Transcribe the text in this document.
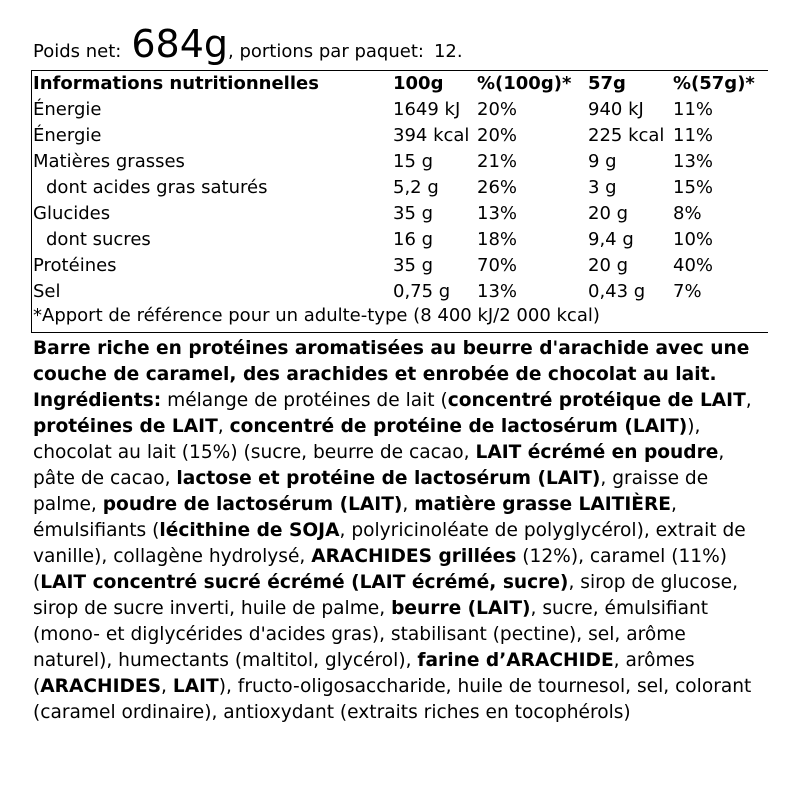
Poids net: 684g, portions par paquet: 12.
Informations nutritionnelles	100g %(100g)* 57g	%(57g)*
Énergie	1649 kJ 20%	940 kJ 11%
Énergie	394 kcal 20%	225 kcal 11%
Matières grasses	15 g 21%	9 g	13%
dont acides gras saturés	5,2 g 26%	3 g	15%
Glucides	35 g 13%	20 g 8%
dont sucres	16 g 18%	9,4 g 10%
Protéines	35 g 70%	20 g 40%
Sel	0,75 g 13%	0,43 g 7%
*Apport de référence pour un adulte-type (8 400 kJ/2 000 kcal)
Barre riche en protéines aromatisées au beurre d'arachide avec une couche de caramel, des arachides et enrobée de chocolat au lait. Ingrédients: mélange de protéines de lait (concentré protéique de LAIT, protéines de LAIT, concentré de protéine de lactosérum (LAIT)), chocolat au lait (15%) (sucre, beurre de cacao, LAIT écrémé en poudre, pâte de cacao, lactose et protéine de lactosérum (LAIT), graisse de palme, poudre de lactosérum (LAIT), matière grasse LAITIÈRE, émulsifiants (lécithine de SOJA, polyricinoléate de polyglycérol), extrait de vanille), collagène hydrolysé, ARACHIDES grillées (12%), caramel (11%) (LAIT concentré sucré écrémé (LAIT écrémé, sucre), sirop de glucose, sirop de sucre inverti, huile de palme, beurre (LAIT), sucre, émulsifiant (mono- et diglycérides d'acides gras), stabilisant (pectine), sel, arôme naturel), humectants (maltitol, glycérol), farine d’ARACHIDE, arômes (ARACHIDES, LAIT), fructo-oligosaccharide, huile de tournesol, sel, colorant (caramel ordinaire), antioxydant (extraits riches en tocophérols)
